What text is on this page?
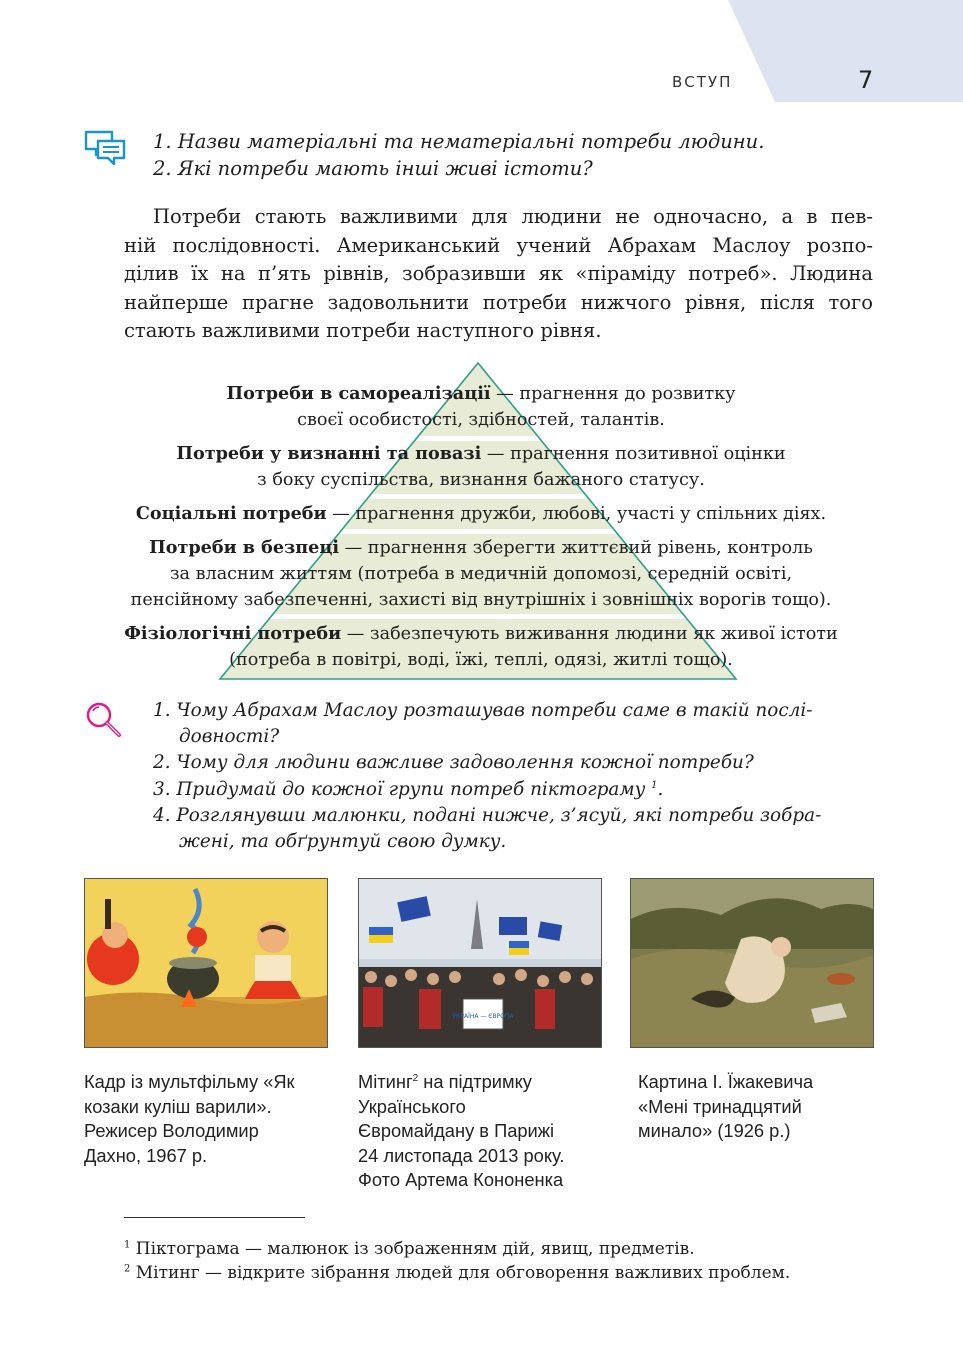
ВСТУП	7
1. Назви матеріальні та нематеріальні потреби людини.
2. Які потреби мають інші живі істоти?
Потреби стають важливими для людини не одночасно, а в пев-
ній послідовності. Американський учений Абрахам Маслоу розпо-
ділив їх на п’ять рівнів, зобразивши як «піраміду потреб». Людина
найперше прагне задовольнити потреби нижчого рівня, після того
стають важливими потреби наступного рівня.
Потреби в самореалізації — прагнення до розвитку
своєї особистості, здібностей, талантів.
Потреби у визнанні та повазі — прагнення позитивної оцінки
з боку суспільства, визнання бажаного статусу.
Соціальні потреби — прагнення дружби, любові, участі у спільних діях.
Потреби в безпеці — прагнення зберегти життєвий рівень, контроль
за власним життям (потреба в медичній допомозі, середній освіті,
пенсійному забезпеченні, захисті від внутрішніх і зовнішніх ворогів тощо).
Фізіологічні потреби — забезпечують виживання людини як живої істоти
(потреба в повітрі, воді, їжі, теплі, одязі, житлі тощо).
1. Чому Абрахам Маслоу розташував потреби саме в такій послі-
довності?
2. Чому для людини важливе задоволення кожної потреби?
3. Придумай до кожної групи потреб піктограму $^1$.
4. Розглянувши малюнки, подані нижче, з’ясуй, які потреби зобра-
жені, та обґрунтуй свою думку.
УКРАЇНА — ЄВРОПА
Кадр із мультфільму «Як
козаки куліш варили».
Режисер Володимир
Дахно, 1967 р.
Мітинг$^2$ на підтримку
Українського
Євромайдану в Парижі
24 листопада 2013 року.
Фото Артема Кононенка
Картина І. Їжакевича
«Мені тринадцятий
минало» (1926 р.)
$^1$ Піктограма — малюнок із зображенням дій, явищ, предметів.
$^2$ Мітинг — відкрите зібрання людей для обговорення важливих проблем.
